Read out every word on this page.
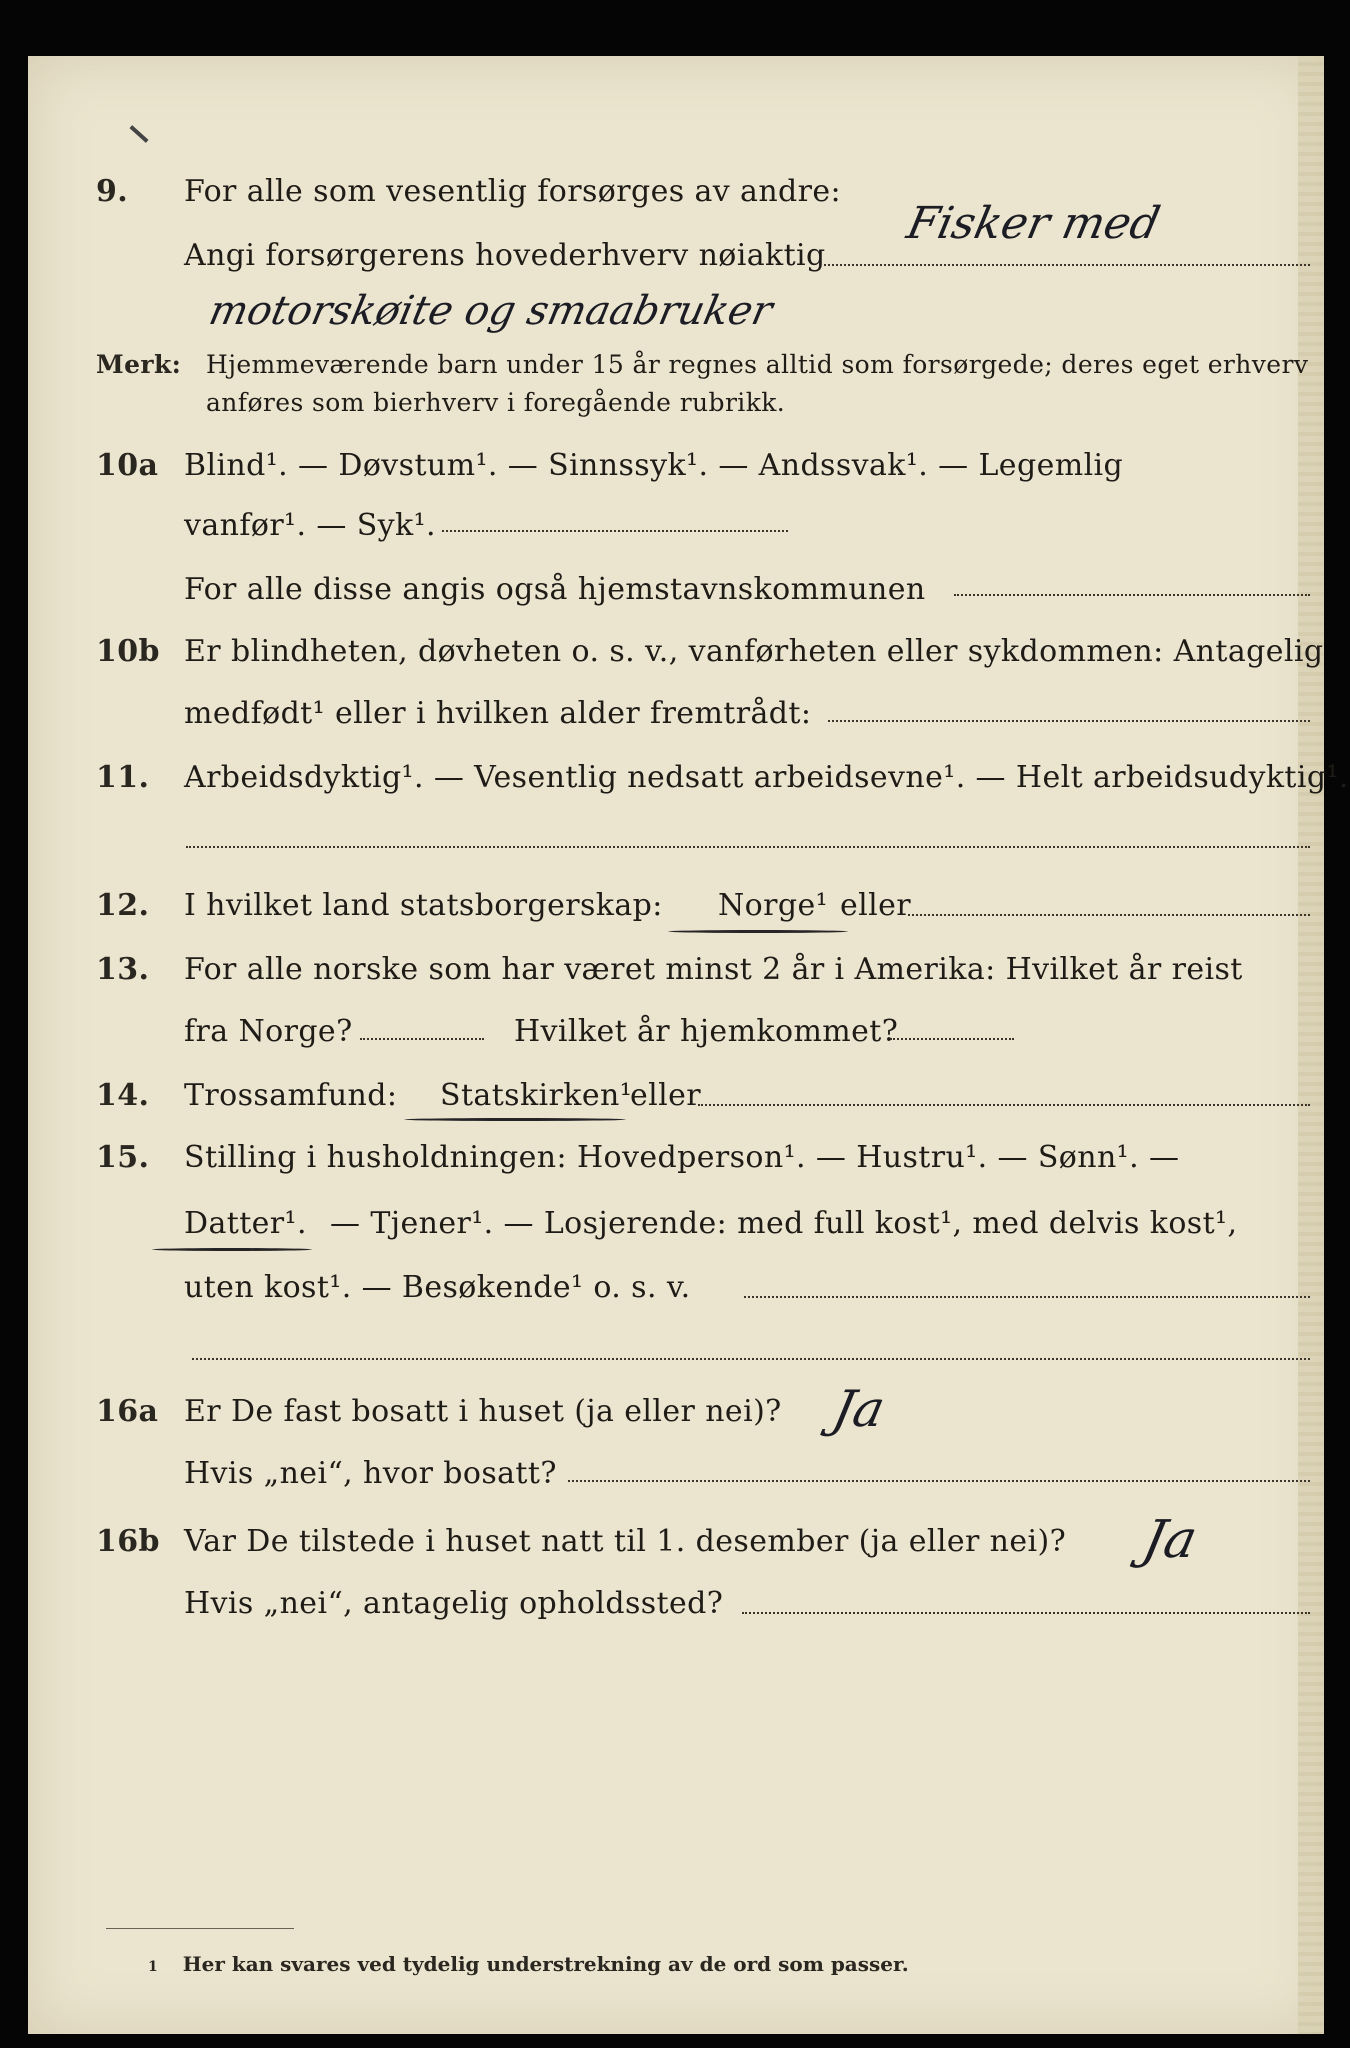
9. For alle som vesentlig forsørges av andre:
Fisker med
Angi forsørgerens hovederhverv nøiaktig
motorskøite og smaabruker
Merk: Hjemmeværende barn under 15 år regnes alltid som forsørgede; deres eget erhverv
anføres som bierhverv i foregående rubrikk.
10a Blind¹. — Døvstum¹. — Sinnssyk¹. — Andssvak¹. — Legemlig
vanfør¹. — Syk¹.
For alle disse angis også hjemstavnskommunen
10b Er blindheten, døvheten o. s. v., vanførheten eller sykdommen: Antagelig
medfødt¹ eller i hvilken alder fremtrådt:
11. Arbeidsdyktig¹. — Vesentlig nedsatt arbeidsevne¹. — Helt arbeidsudyktig¹.
12. I hvilket land statsborgerskap: Norge¹ eller
13. For alle norske som har været minst 2 år i Amerika: Hvilket år reist
fra Norge?	Hvilket år hjemkommet?
14. Trossamfund: Statskirken¹
eller
15. Stilling i husholdningen: Hovedperson¹. — Hustru¹. — Sønn¹. —
Datter¹. — Tjener¹. — Losjerende: med full kost¹, med delvis kost¹,
uten kost¹. — Besøkende¹ o. s. v.
16a Er De fast bosatt i huset (ja eller nei)? Ja
Hvis „nei“, hvor bosatt?
16b Var De tilstede i huset natt til 1. desember (ja eller nei)? Ja
Hvis „nei“, antagelig opholdssted?
1 Her kan svares ved tydelig understrekning av de ord som passer.
